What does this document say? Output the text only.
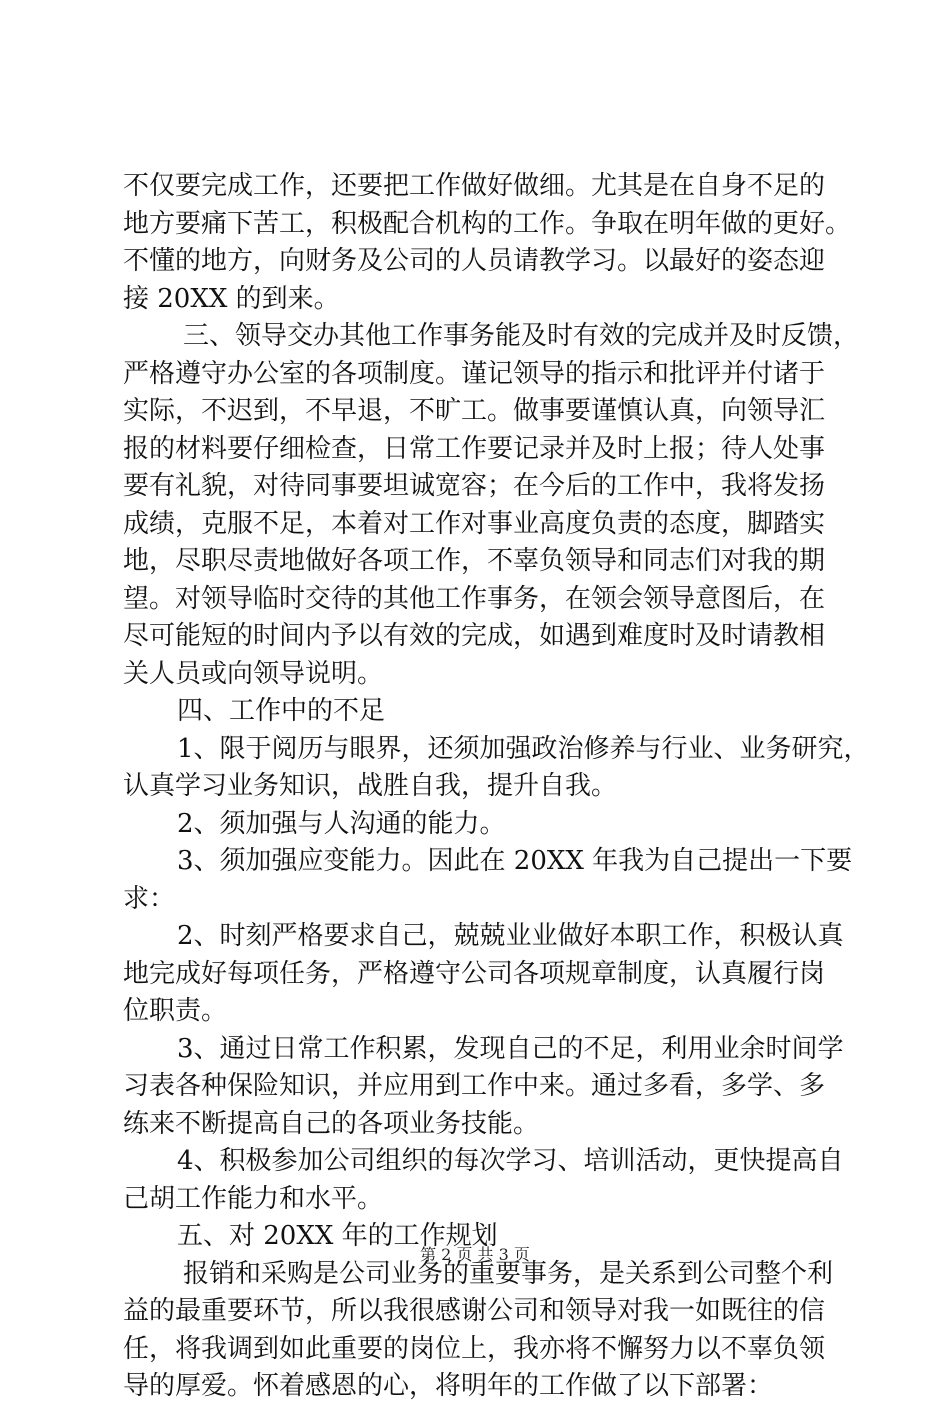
不仅要完成工作，还要把工作做好做细。尤其是在自身不足的
地方要痛下苦工，积极配合机构的工作。争取在明年做的更好。
不懂的地方，向财务及公司的人员请教学习。以最好的姿态迎
接 20XX 的到来。
三、领导交办其他工作事务能及时有效的完成并及时反馈，
严格遵守办公室的各项制度。谨记领导的指示和批评并付诸于
实际，不迟到，不早退，不旷工。做事要谨慎认真，向领导汇
报的材料要仔细检查，日常工作要记录并及时上报；待人处事
要有礼貌，对待同事要坦诚宽容；在今后的工作中，我将发扬
成绩，克服不足，本着对工作对事业高度负责的态度，脚踏实
地，尽职尽责地做好各项工作，不辜负领导和同志们对我的期
望。对领导临时交待的其他工作事务，在领会领导意图后，在
尽可能短的时间内予以有效的完成，如遇到难度时及时请教相
关人员或向领导说明。
四、工作中的不足
1、限于阅历与眼界，还须加强政治修养与行业、业务研究，
认真学习业务知识，战胜自我，提升自我。
2、须加强与人沟通的能力。
3、须加强应变能力。因此在 20XX 年我为自己提出一下要
求：
2、时刻严格要求自己，兢兢业业做好本职工作，积极认真
地完成好每项任务，严格遵守公司各项规章制度，认真履行岗
位职责。
3、通过日常工作积累，发现自己的不足，利用业余时间学
习表各种保险知识，并应用到工作中来。通过多看，多学、多
练来不断提高自己的各项业务技能。
4、积极参加公司组织的每次学习、培训活动，更快提高自
己胡工作能力和水平。
五、对 20XX 年的工作规划
报销和采购是公司业务的重要事务，是关系到公司整个利
益的最重要环节，所以我很感谢公司和领导对我一如既往的信
任，将我调到如此重要的岗位上，我亦将不懈努力以不辜负领
导的厚爱。怀着感恩的心，将明年的工作做了以下部署：
第 2 页 共 3 页
